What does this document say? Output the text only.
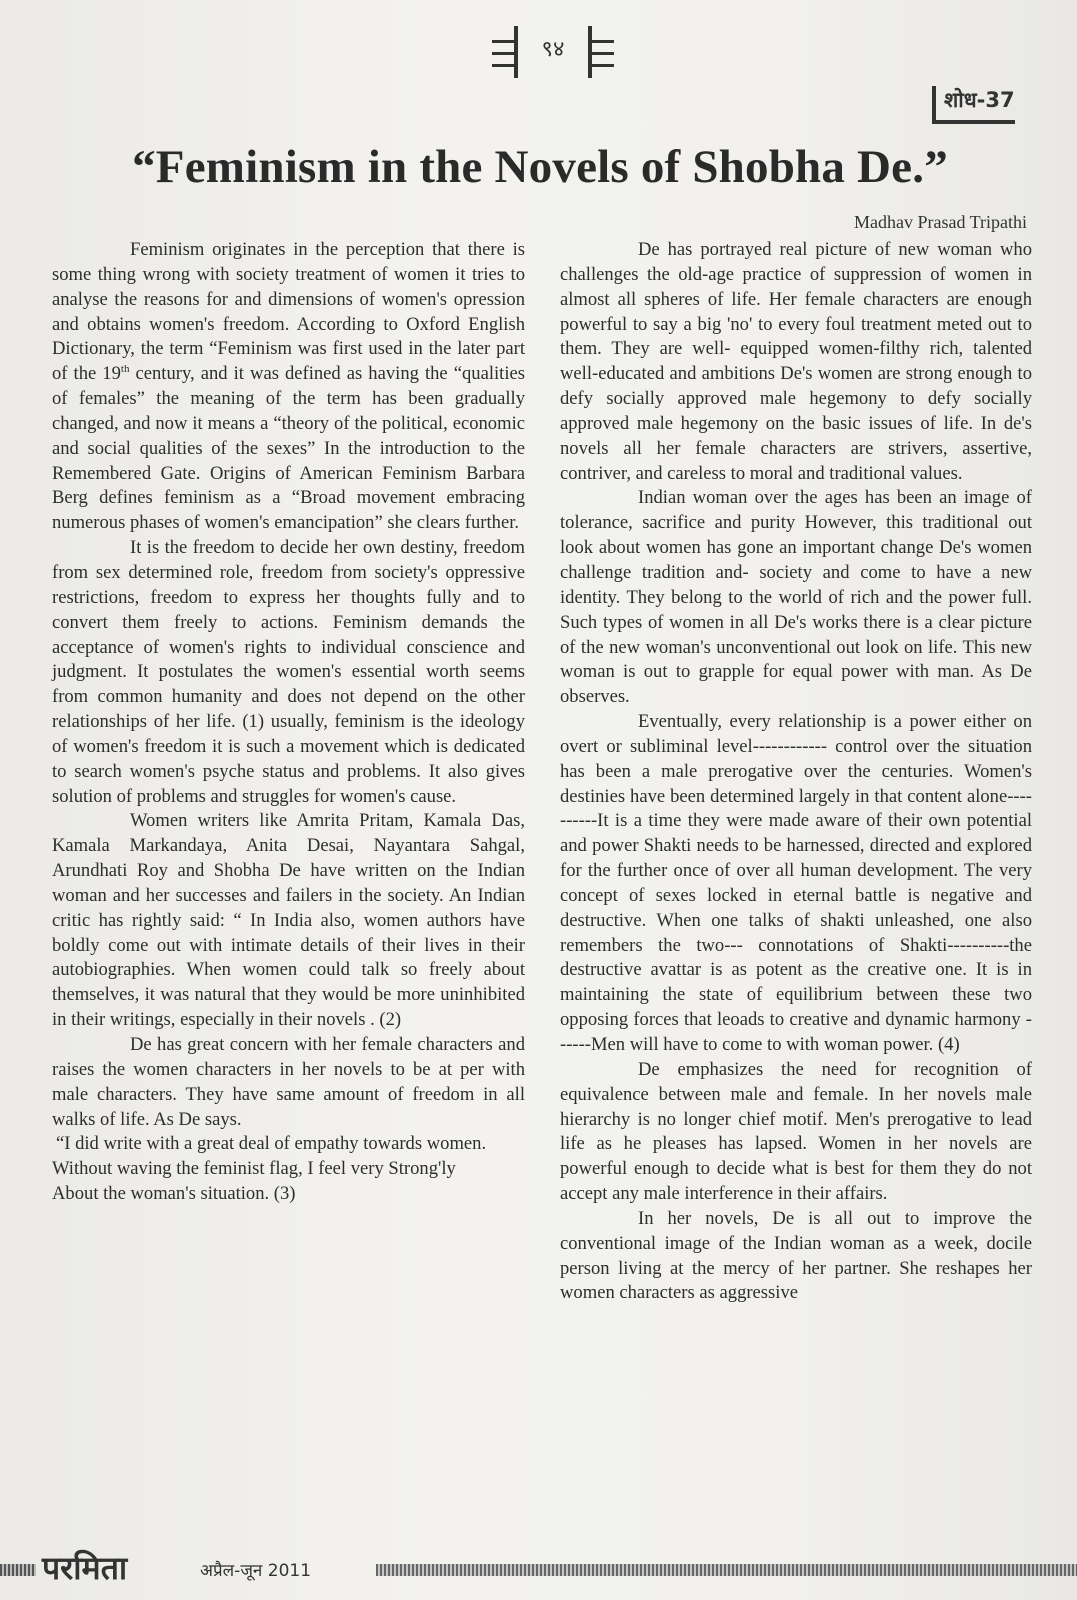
९४
शोध-37
“Feminism in the Novels of Shobha De.”
Madhav Prasad Tripathi

Feminism originates in the perception that there is some thing wrong with society treatment of women it tries to analyse the reasons for and dimensions of women's opression and obtains women's freedom. According to Oxford English Dictionary, the term “Feminism was first used in the later part of the 19th century, and it was defined as having the “qualities of females” the meaning of the term has been gradually changed, and now it means a “theory of the political, economic and social qualities of the sexes” In the introduction to the Remembered Gate. Origins of American Feminism Barbara Berg defines feminism as a “Broad movement embracing numerous phases of women's emancipation” she clears further.

It is the freedom to decide her own destiny, freedom from sex determined role, freedom from society's oppressive restrictions, freedom to express her thoughts fully and to convert them freely to actions. Feminism demands the acceptance of women's rights to individual conscience and judgment. It postulates the women's essential worth seems from common humanity and does not depend on the other relationships of her life. (1) usually, feminism is the ideology of women's freedom it is such a movement which is dedicated to search women's psyche status and problems. It also gives solution of problems and struggles for women's cause.

Women writers like Amrita Pritam, Kamala Das, Kamala Markandaya, Anita Desai, Nayantara Sahgal, Arundhati Roy and Shobha De have written on the Indian woman and her successes and failers in the society. An Indian critic has rightly said: “ In India also, women authors have boldly come out with intimate details of their lives in their autobiographies. When women could talk so freely about themselves, it was natural that they would be more uninhibited in their writings, especially in their novels . (2)

De has great concern with her female characters and raises the women characters in her novels to be at per with male characters. They have same amount of freedom in all walks of life. As De says.

“I did write with a great deal of empathy towards women.

Without waving the feminist flag, I feel very Strong'ly

About the woman's situation. (3)

De has portrayed real picture of new woman who challenges the old-age practice of suppression of women in almost all spheres of life. Her female characters are enough powerful to say a big 'no' to every foul treatment meted out to them. They are well- equipped women-filthy rich, talented well-educated and ambitions De's women are strong enough to defy socially approved male hegemony to defy socially approved male hegemony on the basic issues of life. In de's novels all her female characters are strivers, assertive, contriver, and careless to moral and traditional values.

Indian woman over the ages has been an image of tolerance, sacrifice and purity However, this traditional out look about women has gone an important change De's women challenge tradition and- society and come to have a new identity. They belong to the world of rich and the power full. Such types of women in all De's works there is a clear picture of the new woman's unconventional out look on life. This new woman is out to grapple for equal power with man. As De observes.

Eventually, every relationship is a power either on overt or subliminal level------------ control over the situation has been a male prerogative over the centuries. Women's destinies have been determined largely in that content alone----------It is a time they were made aware of their own potential and power Shakti needs to be harnessed, directed and explored for the further once of over all human development. The very concept of sexes locked in eternal battle is negative and destructive. When one talks of shakti unleashed, one also remembers the two--- connotations of Shakti----------the destructive avattar is as potent as the creative one. It is in maintaining the state of equilibrium between these two opposing forces that leoads to creative and dynamic harmony ------Men will have to come to with woman power. (4)

De emphasizes the need for recognition of equivalence between male and female. In her novels male hierarchy is no longer chief motif. Men's prerogative to lead life as he pleases has lapsed. Women in her novels are powerful enough to decide what is best for them they do not accept any male interference in their affairs.

In her novels, De is all out to improve the conventional image of the Indian woman as a week, docile person living at the mercy of her partner. She reshapes her women characters as aggressive

परमिता	अप्रैल-जून 2011
